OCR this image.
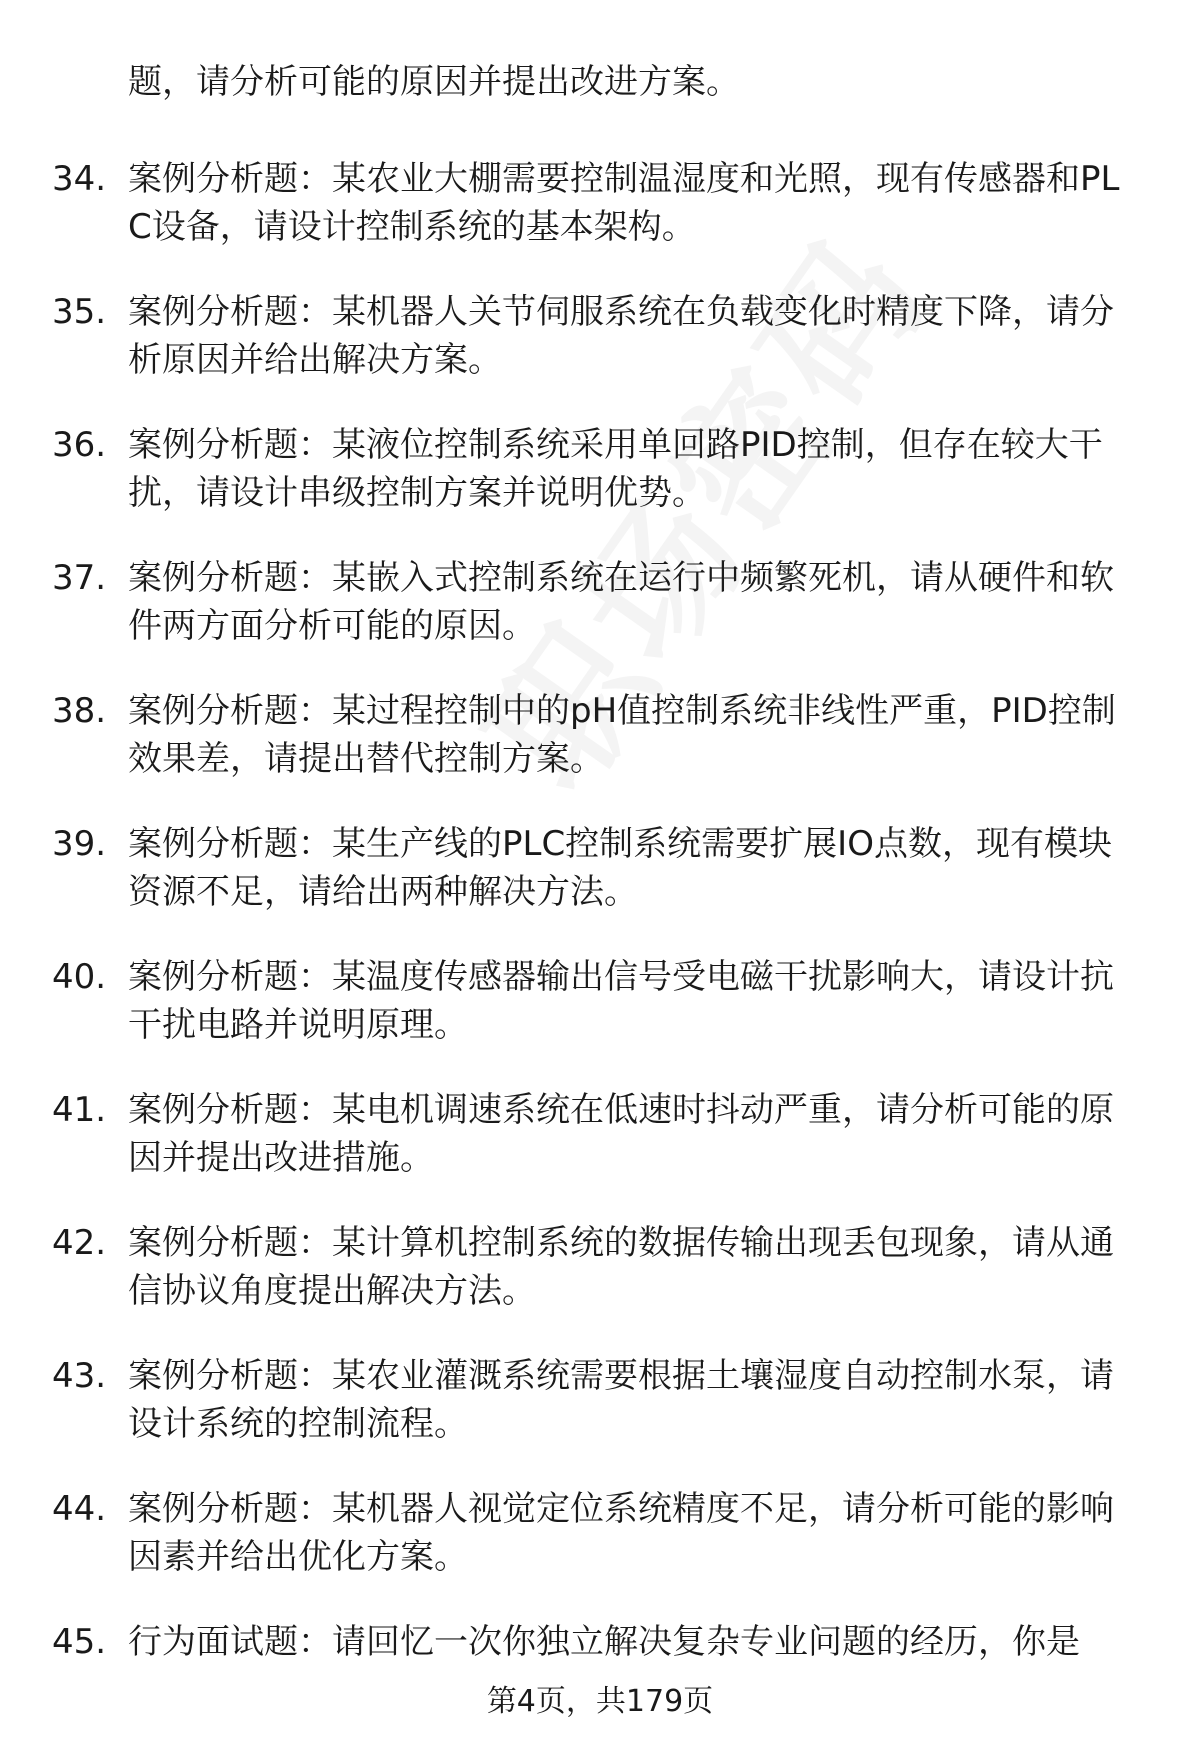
题，请分析可能的原因并提出改进方案。
34. 案例分析题：某农业大棚需要控制温湿度和光照，现有传感器和PLC设备，请设计控制系统的基本架构。
35. 案例分析题：某机器人关节伺服系统在负载变化时精度下降，请分析原因并给出解决方案。
36. 案例分析题：某液位控制系统采用单回路PID控制，但存在较大干扰，请设计串级控制方案并说明优势。
37. 案例分析题：某嵌入式控制系统在运行中频繁死机，请从硬件和软件两方面分析可能的原因。
38. 案例分析题：某过程控制中的pH值控制系统非线性严重，PID控制效果差，请提出替代控制方案。
39. 案例分析题：某生产线的PLC控制系统需要扩展IO点数，现有模块资源不足，请给出两种解决方法。
40. 案例分析题：某温度传感器输出信号受电磁干扰影响大，请设计抗干扰电路并说明原理。
41. 案例分析题：某电机调速系统在低速时抖动严重，请分析可能的原因并提出改进措施。
42. 案例分析题：某计算机控制系统的数据传输出现丢包现象，请从通信协议角度提出解决方法。
43. 案例分析题：某农业灌溉系统需要根据土壤湿度自动控制水泵，请设计系统的控制流程。
44. 案例分析题：某机器人视觉定位系统精度不足，请分析可能的影响因素并给出优化方案。
45. 行为面试题：请回忆一次你独立解决复杂专业问题的经历，你是
第4页，共179页
